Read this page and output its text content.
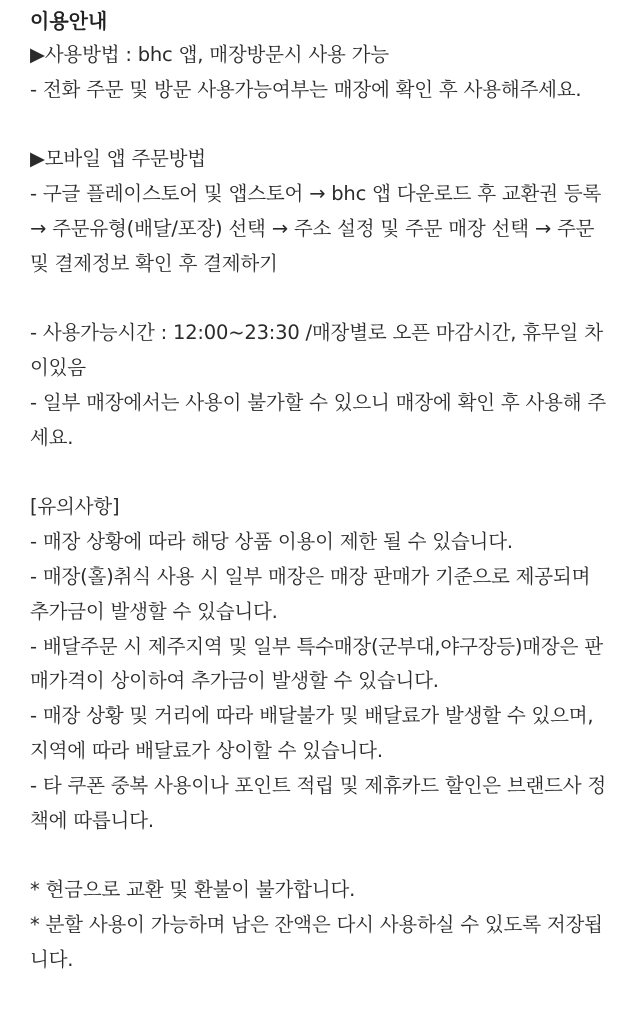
이용안내

▶사용방법 : bhc 앱, 매장방문시 사용 가능

- 전화 주문 및 방문 사용가능여부는 매장에 확인 후 사용해주세요.

▶모바일 앱 주문방법

- 구글 플레이스토어 및 앱스토어 → bhc 앱 다운로드 후 교환권 등록 → 주문유형(배달/포장) 선택 → 주소 설정 및 주문 매장 선택 → 주문 및 결제정보 확인 후 결제하기

- 사용가능시간 : 12:00~23:30 /매장별로 오픈 마감시간, 휴무일 차이있음

- 일부 매장에서는 사용이 불가할 수 있으니 매장에 확인 후 사용해 주세요.

[유의사항]

- 매장 상황에 따라 해당 상품 이용이 제한 될 수 있습니다.

- 매장(홀)취식 사용 시 일부 매장은 매장 판매가 기준으로 제공되며 추가금이 발생할 수 있습니다.

- 배달주문 시 제주지역 및 일부 특수매장(군부대,야구장등)매장은 판매가격이 상이하여 추가금이 발생할 수 있습니다.

- 매장 상황 및 거리에 따라 배달불가 및 배달료가 발생할 수 있으며, 지역에 따라 배달료가 상이할 수 있습니다.

- 타 쿠폰 중복 사용이나 포인트 적립 및 제휴카드 할인은 브랜드사 정책에 따릅니다.

* 현금으로 교환 및 환불이 불가합니다.

* 분할 사용이 가능하며 남은 잔액은 다시 사용하실 수 있도록 저장됩니다.
